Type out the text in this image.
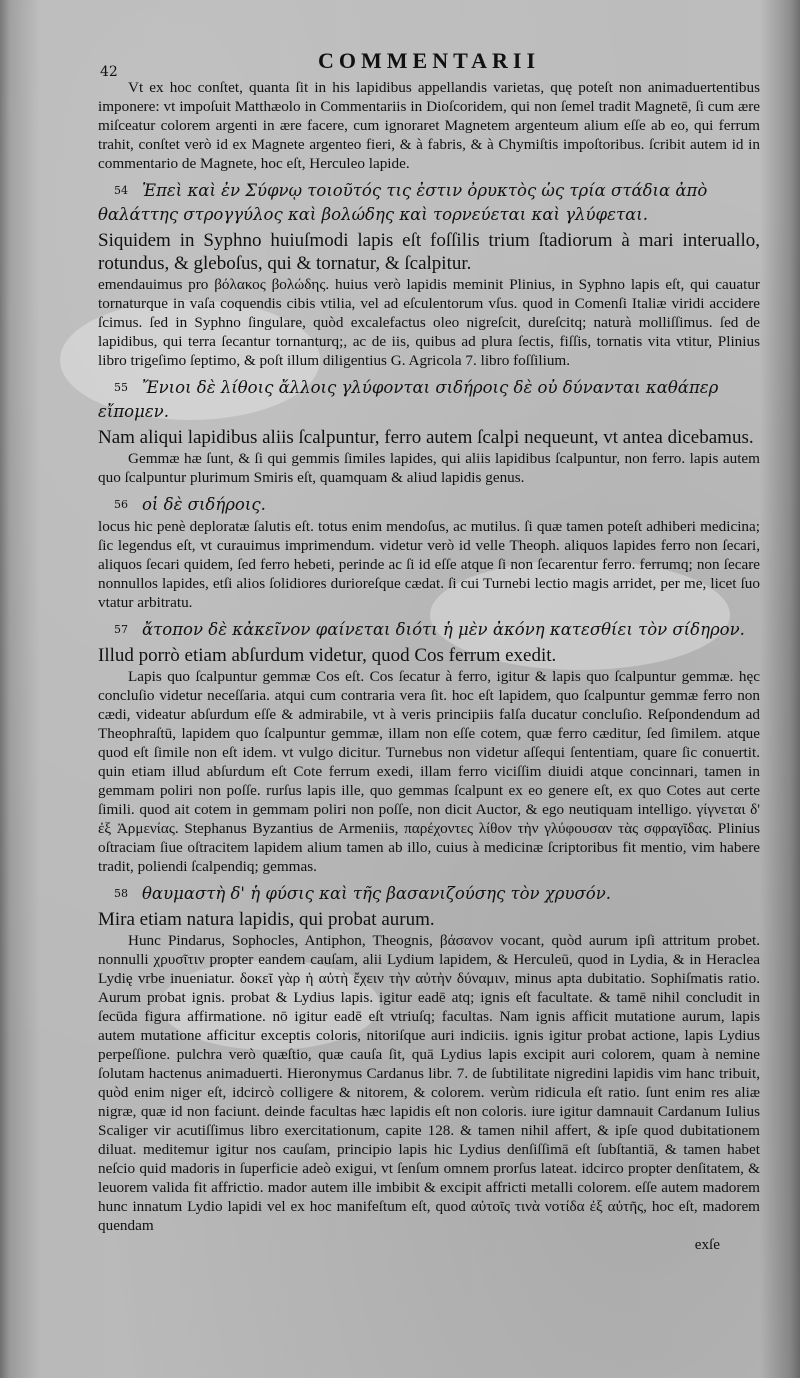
42	COMMENTARII

Vt ex hoc conſtet, quanta ſit in his lapidibus appellandis varietas, quę poteſt non animaduertentibus imponere: vt impoſuit Matthæolo in Commentariis in Dioſcoridem, qui non ſemel tradit Magnetē, ſi cum ære miſceatur colorem argenti in ære facere, cum ignoraret Magnetem argenteum alium eſſe ab eo, qui ferrum trahit, conſtet verò id ex Magnete argenteo fieri, & à fabris, & à Chymiſtis impoſtoribus. ſcribit autem id in commentario de Magnete, hoc eſt, Herculeo lapide.

54 Ἐπεὶ καὶ ἐν Σύφνῳ τοιοῦτός τις ἐστιν ὀρυκτὸς ὡς τρία στάδια ἀπὸ θαλάττης στρογγύλος καὶ βολώδης καὶ τορνεύεται καὶ γλύφεται.

Siquidem in Syphno huiuſmodi lapis eſt foſſilis trium ſtadiorum à mari interuallo, rotundus, & gleboſus, qui & tornatur, & ſcalpitur.

emendauimus pro βόλακος βολώδης. huius verò lapidis meminit Plinius, in Syphno lapis eſt, qui cauatur tornaturque in vaſa coquendis cibis vtilia, vel ad eſculentorum vſus. quod in Comenſi Italiæ viridi accidere ſcimus. ſed in Syphno ſingulare, quòd excalefactus oleo nigreſcit, dureſcitq; naturà molliſſimus. ſed de lapidibus, qui terra ſecantur tornanturq;, ac de iis, quibus ad plura ſectis, fiſſis, tornatis vita vtitur, Plinius libro trigeſimo ſeptimo, & poſt illum diligentius G. Agricola 7. libro foſſilium.

55 Ἔνιοι δὲ λίθοις ἄλλοις γλύφονται σιδήροις δὲ οὐ δύνανται καθάπερ εἴπομεν.

Nam aliqui lapidibus aliis ſcalpuntur, ferro autem ſcalpi nequeunt, vt antea dicebamus.

Gemmæ hæ ſunt, & ſi qui gemmis ſimiles lapides, qui aliis lapidibus ſcalpuntur, non ferro. lapis autem quo ſcalpuntur plurimum Smiris eſt, quamquam & aliud lapidis genus.

56 οἱ δὲ σιδήροις.

locus hic penè deploratæ ſalutis eſt. totus enim mendoſus, ac mutilus. ſi quæ tamen poteſt adhiberi medicina; ſic legendus eſt, vt curauimus imprimendum. videtur verò id velle Theoph. aliquos lapides ferro non ſecari, aliquos ſecari quidem, ſed ferro hebeti, perinde ac ſi id eſſe atque ſi non ſecarentur ferro. ferrumq; non ſecare nonnullos lapides, etſi alios ſolidiores durioreſque cædat. ſi cui Turnebi lectio magis arridet, per me, licet ſuo vtatur arbitratu.

57 ἄτοπον δὲ κἀκεῖνον φαίνεται διότι ἡ μὲν ἀκόνη κατεσθίει τὸν σίδηρον.

Illud porrò etiam abſurdum videtur, quod Cos ferrum exedit.

Lapis quo ſcalpuntur gemmæ Cos eſt. Cos ſecatur à ferro, igitur & lapis quo ſcalpuntur gemmæ. hęc concluſio videtur neceſſaria. atqui cum contraria vera ſit. hoc eſt lapidem, quo ſcalpuntur gemmæ ferro non cædi, videatur abſurdum eſſe & admirabile, vt à veris principiis falſa ducatur concluſio. Reſpondendum ad Theophraſtū, lapidem quo ſcalpuntur gemmæ, illam non eſſe cotem, quæ ferro cæditur, ſed ſimilem. atque quod eſt ſimile non eſt idem. vt vulgo dicitur. Turnebus non videtur aſſequi ſententiam, quare ſic conuertit. quin etiam illud abſurdum eſt Cote ferrum exedi, illam ferro viciſſim diuidi atque concinnari, tamen in gemmam poliri non poſſe. rurſus lapis ille, quo gemmas ſcalpunt ex eo genere eſt, ex quo Cotes aut certe ſimili. quod ait cotem in gemmam poliri non poſſe, non dicit Auctor, & ego neutiquam intelligo. γίγνεται δ' ἐξ Ἀρμενίας. Stephanus Byzantius de Armeniis, παρέχοντες λίθον τὴν γλύφουσαν τὰς σφραγῖδας. Plinius oſtraciam ſiue oſtracitem lapidem alium tamen ab illo, cuius à medicinæ ſcriptoribus fit mentio, vim habere tradit, poliendi ſcalpendiq; gemmas.

58 θαυμαστὴ δ' ἡ φύσις καὶ τῆς βασανιζούσης τὸν χρυσόν.

Mira etiam natura lapidis, qui probat aurum.

Hunc Pindarus, Sophocles, Antiphon, Theognis, βάσανον vocant, quòd aurum ipſi attritum probet. nonnulli χρυσῖτιν propter eandem cauſam, alii Lydium lapidem, & Herculeū, quod in Lydia, & in Heraclea Lydię vrbe inueniatur. δοκεῖ γὰρ ἡ αὐτὴ ἔχειν τὴν αὐτὴν δύναμιν, minus apta dubitatio. Sophiſmatis ratio. Aurum probat ignis. probat & Lydius lapis. igitur eadē atq; ignis eſt facultate. & tamē nihil concludit in ſecūda figura affirmatione. nō igitur eadē eſt vtriuſq; facultas. Nam ignis afficit mutatione aurum, lapis autem mutatione afficitur exceptis coloris, nitoriſque auri indiciis. ignis igitur probat actione, lapis Lydius perpeſſione. pulchra verò quæſtio, quæ cauſa ſit, quā Lydius lapis excipit auri colorem, quam à nemine ſolutam hactenus animaduerti. Hieronymus Cardanus libr. 7. de ſubtilitate nigredini lapidis vim hanc tribuit, quòd enim niger eſt, idcircò colligere & nitorem, & colorem. verùm ridicula eſt ratio. ſunt enim res aliæ nigræ, quæ id non faciunt. deinde facultas hæc lapidis eſt non coloris. iure igitur damnauit Cardanum Iulius Scaliger vir acutiſſimus libro exercitationum, capite 128. & tamen nihil affert, & ipſe quod dubitationem diluat. meditemur igitur nos cauſam, principio lapis hic Lydius denſiſſimā eſt ſubſtantiā, & tamen habet neſcio quid madoris in ſuperficie adeò exigui, vt ſenſum omnem prorſus lateat. idcirco propter denſitatem, & leuorem valida fit affrictio. mador autem ille imbibit & excipit affricti metalli colorem. eſſe autem madorem hunc innatum Lydio lapidi vel ex hoc manifeſtum eſt, quod αὐτοῖς τινὰ νοτίδα ἐξ αὐτῆς, hoc eſt, madorem quendam

exſe
